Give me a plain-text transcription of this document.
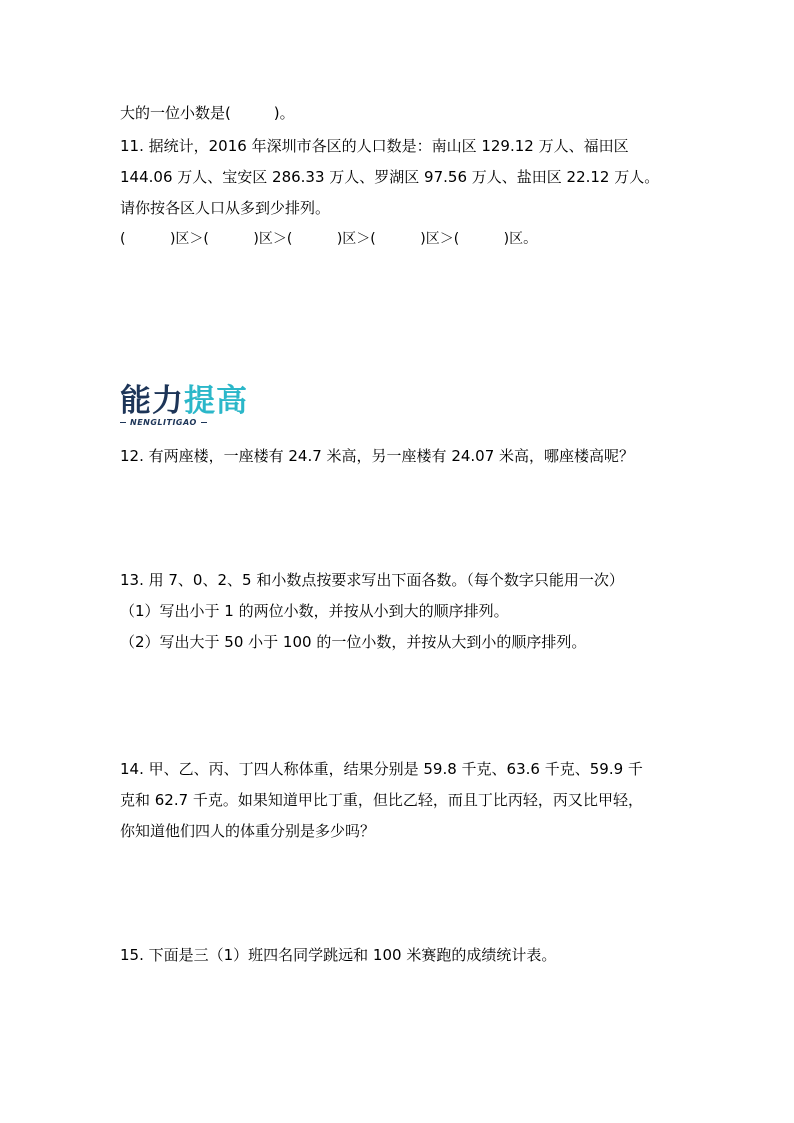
大的一位小数是(         )。
11. 据统计，2016 年深圳市各区的人口数是：南山区 129.12 万人、福田区
144.06 万人、宝安区 286.33 万人、罗湖区 97.56 万人、盐田区 22.12 万人。
请你按各区人口从多到少排列。
(          )区＞(          )区＞(          )区＞(          )区＞(          )区。
能力提高
NENGLITIGAO
12. 有两座楼，一座楼有 24.7 米高，另一座楼有 24.07 米高，哪座楼高呢？
13. 用 7、0、2、5 和小数点按要求写出下面各数。（每个数字只能用一次）
（1）写出小于 1 的两位小数，并按从小到大的顺序排列。
（2）写出大于 50 小于 100 的一位小数，并按从大到小的顺序排列。
14. 甲、乙、丙、丁四人称体重，结果分别是 59.8 千克、63.6 千克、59.9 千
克和 62.7 千克。如果知道甲比丁重，但比乙轻，而且丁比丙轻，丙又比甲轻，
你知道他们四人的体重分别是多少吗？
15. 下面是三（1）班四名同学跳远和 100 米赛跑的成绩统计表。
